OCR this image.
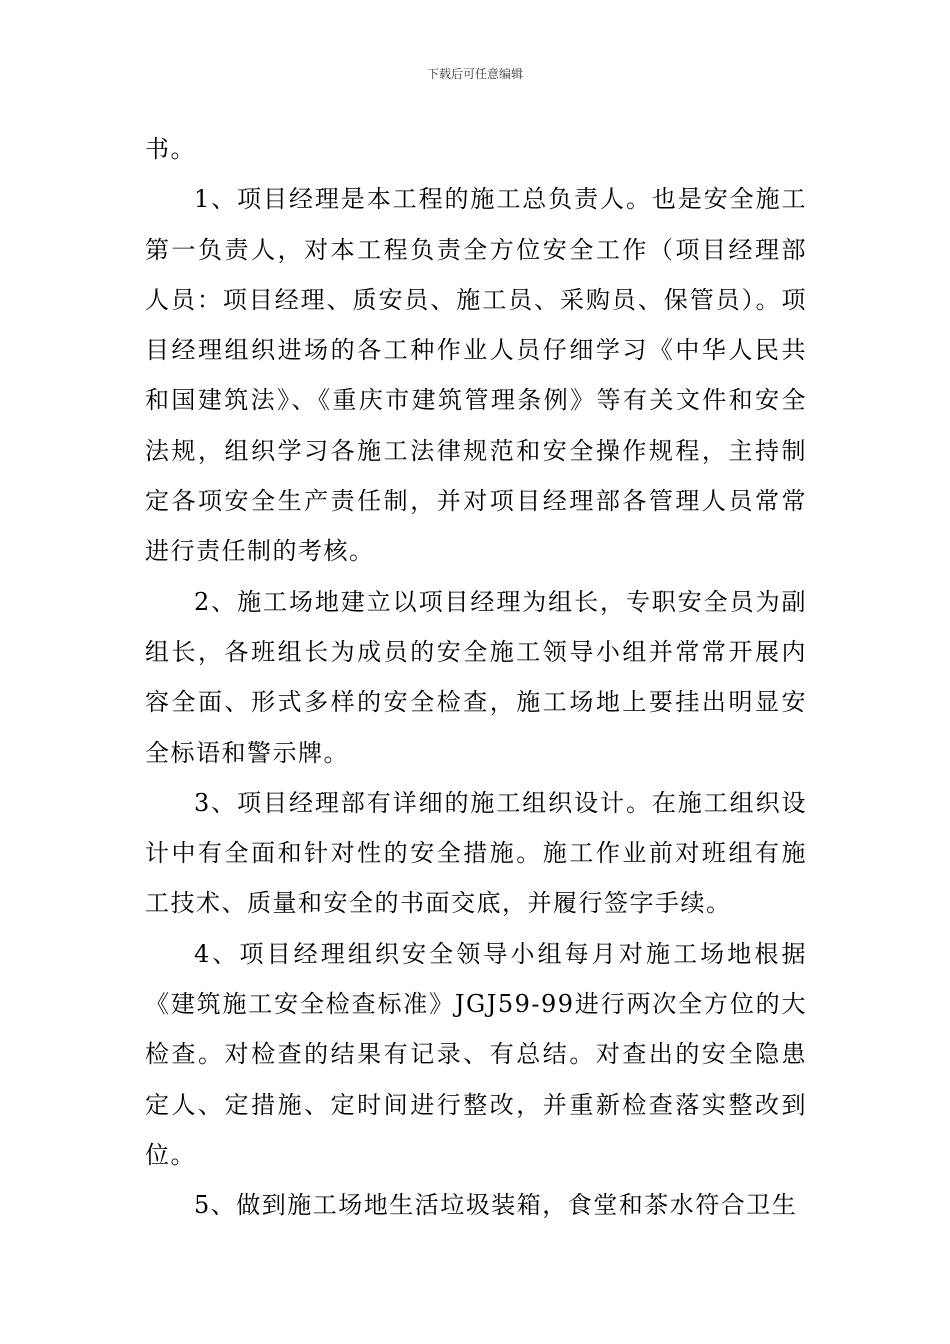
下载后可任意编辑

书。

1、项目经理是本工程的施工总负责人。也是安全施工第一负责人，对本工程负责全方位安全工作（项目经理部人员：项目经理、质安员、施工员、采购员、保管员）。项目经理组织进场的各工种作业人员仔细学习《中华人民共和国建筑法》、《重庆市建筑管理条例》等有关文件和安全法规，组织学习各施工法律规范和安全操作规程，主持制定各项安全生产责任制，并对项目经理部各管理人员常常进行责任制的考核。

2、施工场地建立以项目经理为组长，专职安全员为副组长，各班组长为成员的安全施工领导小组并常常开展内容全面、形式多样的安全检查，施工场地上要挂出明显安全标语和警示牌。

3、项目经理部有详细的施工组织设计。在施工组织设计中有全面和针对性的安全措施。施工作业前对班组有施工技术、质量和安全的书面交底，并履行签字手续。

4、项目经理组织安全领导小组每月对施工场地根据《建筑施工安全检查标准》JGJ59-99进行两次全方位的大检查。对检查的结果有记录、有总结。对查出的安全隐患定人、定措施、定时间进行整改，并重新检查落实整改到位。

5、做到施工场地生活垃圾装箱，食堂和茶水符合卫生
